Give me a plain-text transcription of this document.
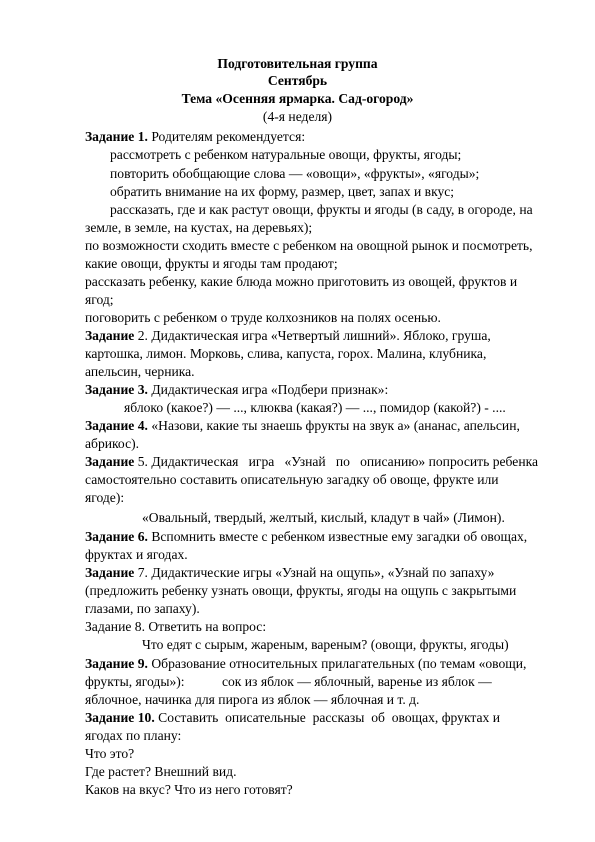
Подготовительная группа
Сентябрь
Тема «Осенняя ярмарка. Сад-огород»
(4-я неделя)
Задание 1. Родителям рекомендуется:
рассмотреть с ребенком натуральные овощи, фрукты, ягоды;
повторить обобщающие слова — «овощи», «фрукты», «ягоды»;
обратить внимание на их форму, размер, цвет, запах и вкус;
рассказать, где и как растут овощи, фрукты и ягоды (в саду, в огороде, на
земле, в земле, на кустах, на деревьях);
по возможности сходить вместе с ребенком на овощной рынок и посмотреть,
какие овощи, фрукты и ягоды там продают;
рассказать ребенку, какие блюда можно приготовить из овощей, фруктов и
ягод;
поговорить с ребенком о труде колхозников на полях осенью.
Задание 2. Дидактическая игра «Четвертый лишний». Яблоко, груша,
картошка, лимон. Морковь, слива, капуста, горох. Малина, клубника,
апельсин, черника.
Задание 3. Дидактическая игра «Подбери признак»:
яблоко (какое?) — ..., клюква (какая?) — ..., помидор (какой?) - ....
Задание 4. «Назови, какие ты знаешь фрукты на звук а» (ананас, апельсин,
абрикос).
Задание 5. Дидактическая   игра   «Узнай   по   описанию» попросить ребенка
самостоятельно составить описательную загадку об овоще, фрукте или
ягоде):
«Овальный, твердый, желтый, кислый, кладут в чай» (Лимон).
Задание 6. Вспомнить вместе с ребенком известные ему загадки об овощах,
фруктах и ягодах.
Задание 7. Дидактические игры «Узнай на ощупь», «Узнай по запаху»
(предложить ребенку узнать овощи, фрукты, ягоды на ощупь с закрытыми
глазами, по запаху).
Задание 8. Ответить на вопрос:
Что едят с сырым, жареным, вареным? (овощи, фрукты, ягоды)
Задание 9. Образование относительных прилагательных (по темам «овощи,
фрукты, ягоды»):           сок из яблок — яблочный, варенье из яблок —
яблочное, начинка для пирога из яблок — яблочная и т. д.
Задание 10. Составить  описательные  рассказы  об  овощах, фруктах и
ягодах по плану:
Что это?
Где растет? Внешний вид.
Каков на вкус? Что из него готовят?
